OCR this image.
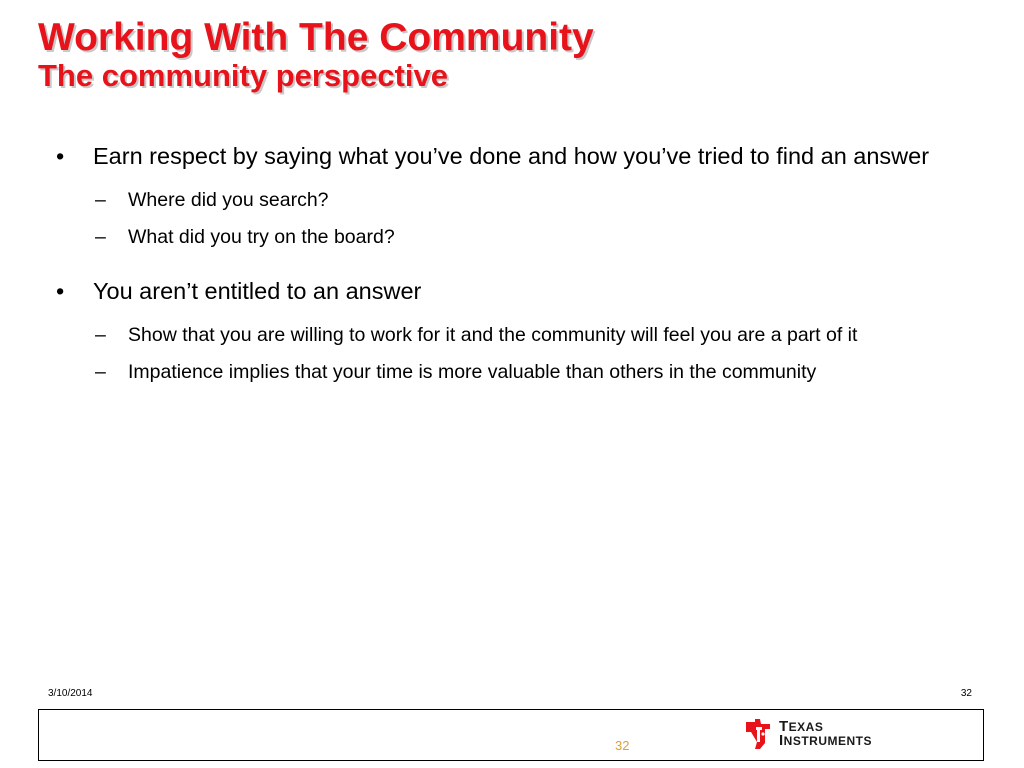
Working With The Community
The community perspective
• Earn respect by saying what you’ve done and how you’ve tried to find an answer
– Where did you search?
– What did you try on the board?
• You aren’t entitled to an answer
– Show that you are willing to work for it and the community will feel you are a part of it
– Impatience implies that your time is more valuable than others in the community
3/10/2014	32
32
TEXAS
INSTRUMENTS
